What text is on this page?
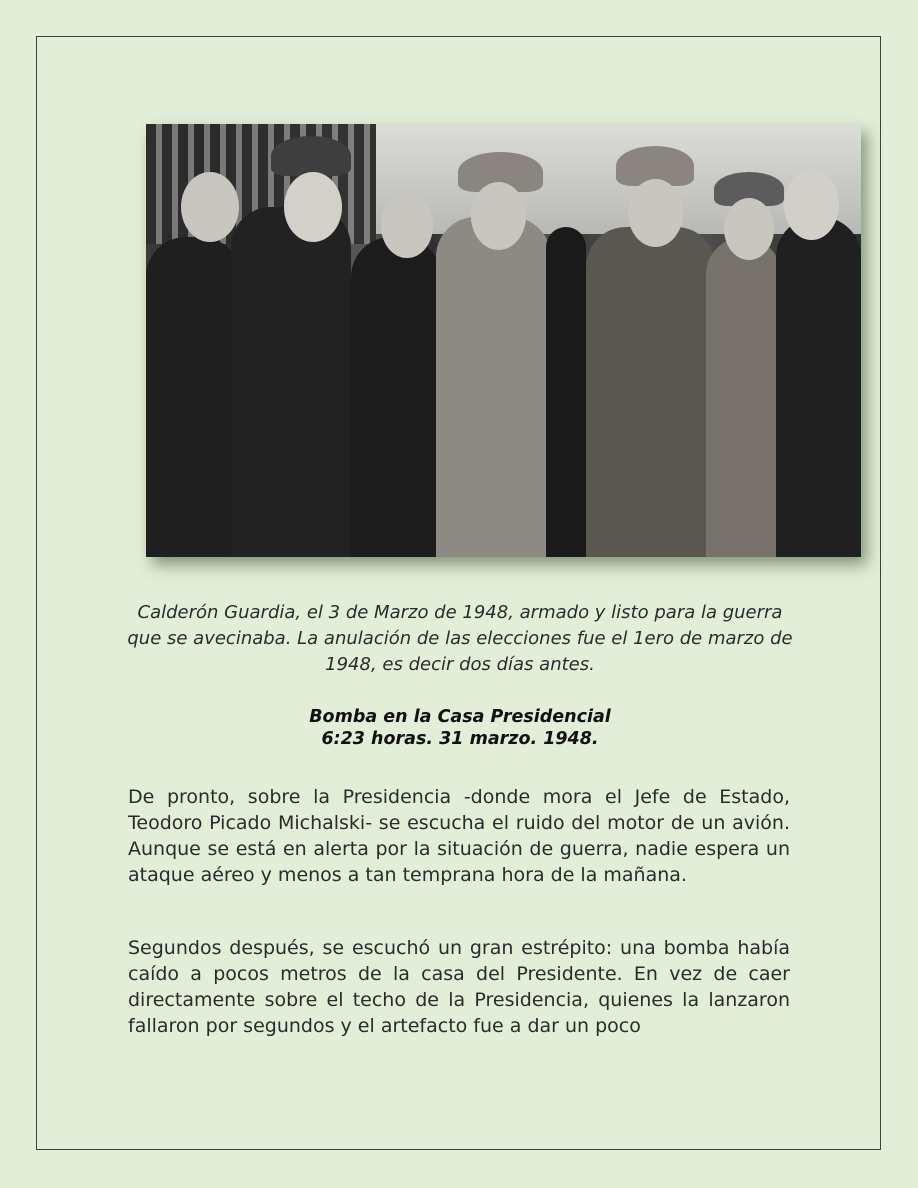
Calderón Guardia, el 3 de Marzo de 1948, armado y listo para la guerra que se avecinaba. La anulación de las elecciones fue el 1ero de marzo de 1948, es decir dos días antes.
Bomba en la Casa Presidencial
6:23 horas. 31 marzo. 1948.
De pronto, sobre la Presidencia -donde mora el Jefe de Estado, Teodoro Picado Michalski- se escucha el ruido del motor de un avión. Aunque se está en alerta por la situación de guerra, nadie espera un ataque aéreo y menos a tan temprana hora de la mañana.
Segundos después, se escuchó un gran estrépito: una bomba había caído a pocos metros de la casa del Presidente. En vez de caer directamente sobre el techo de la Presidencia, quienes la lanzaron fallaron por segundos y el artefacto fue a dar un poco
